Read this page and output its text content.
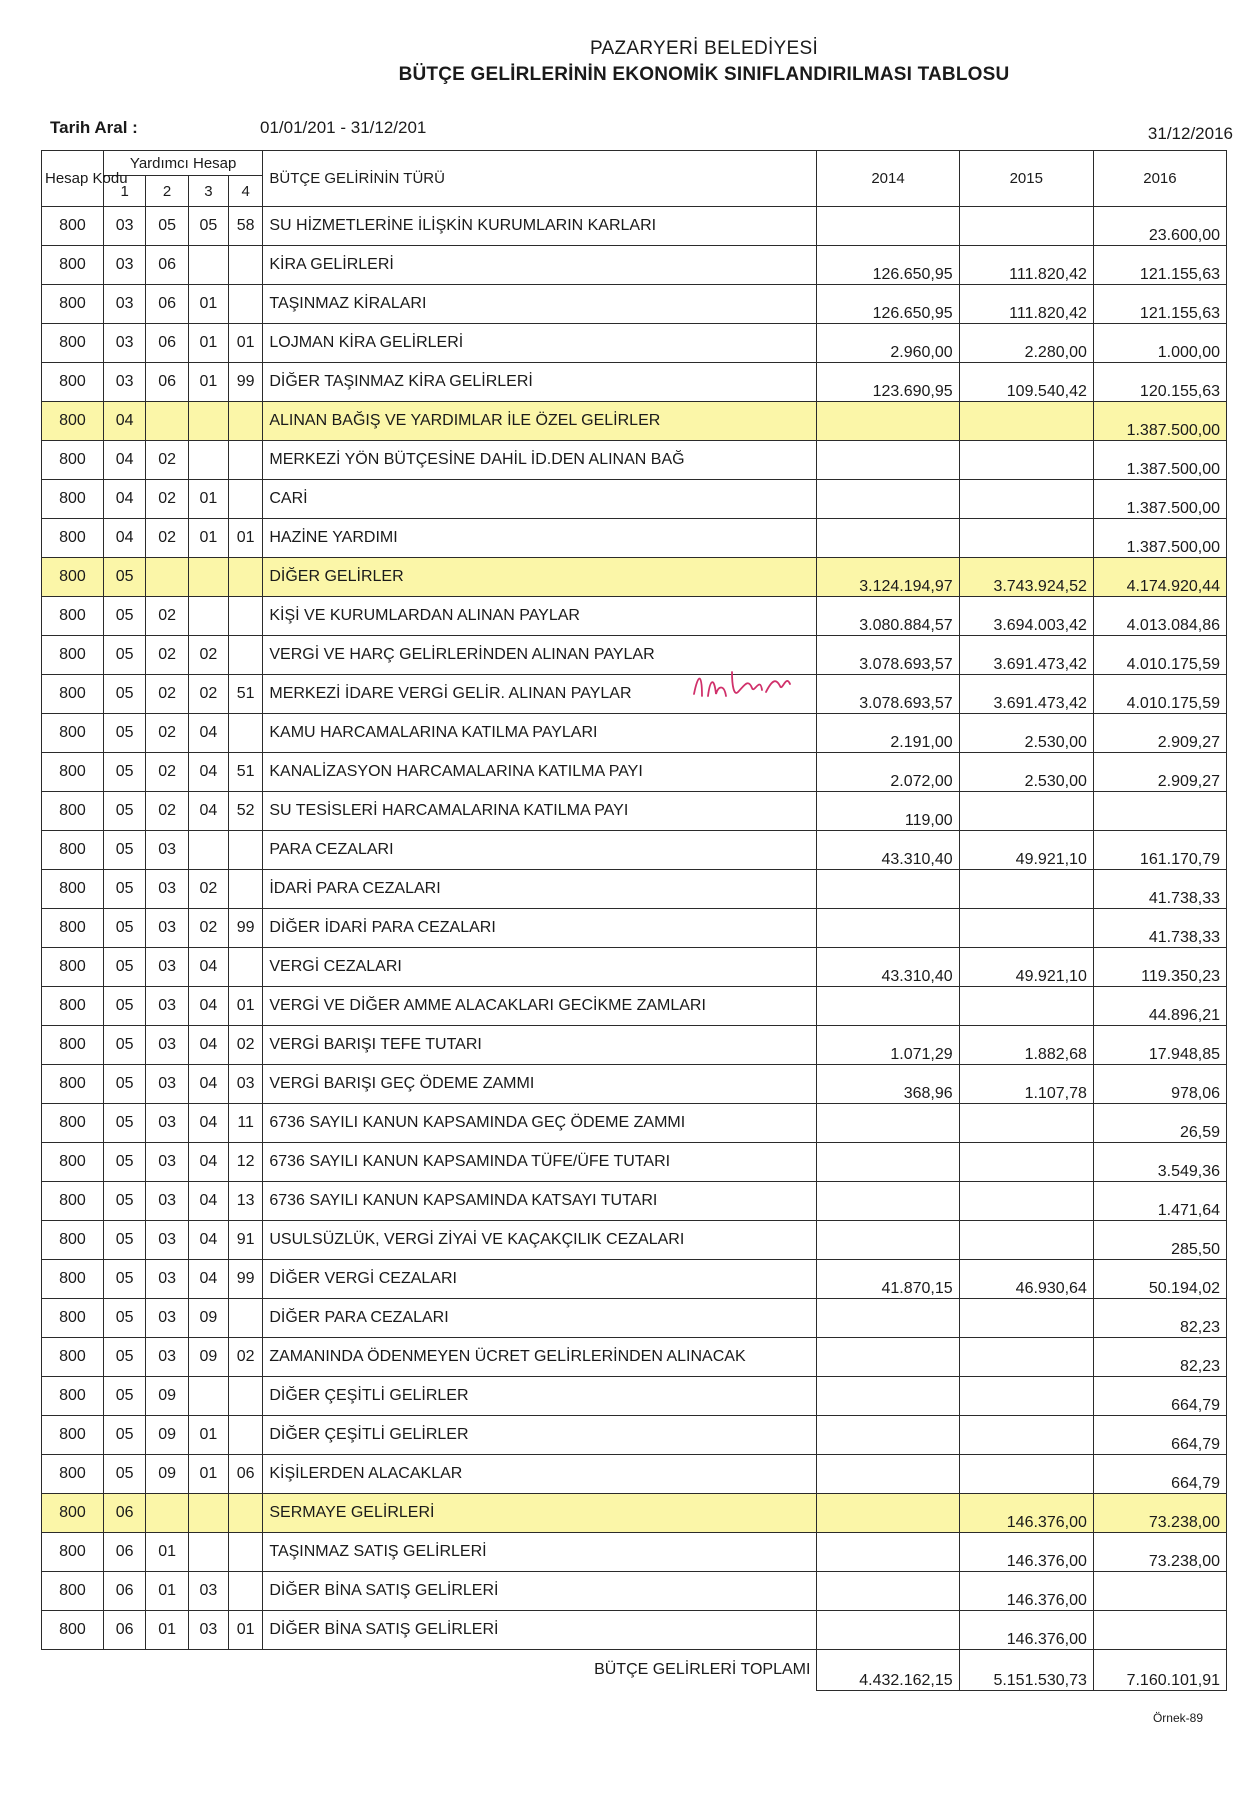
PAZARYERİ BELEDİYESİ
BÜTÇE GELİRLERİNİN EKONOMİK SINIFLANDIRILMASI TABLOSU
Tarih Aral :	01/01/201 - 31/12/201	31/12/2016
Hesap Kodu	Yardımcı Hesap				BÜTÇE GELİRİNİN TÜRÜ	2014	2015	2016
	1	2	3	4				
800	03	05	05	58	SU HİZMETLERİNE İLİŞKİN KURUMLARIN KARLARI			23.600,00
800	03	06			KİRA GELİRLERİ	126.650,95	111.820,42	121.155,63
800	03	06	01		TAŞINMAZ KİRALARI	126.650,95	111.820,42	121.155,63
800	03	06	01	01	LOJMAN KİRA GELİRLERİ	2.960,00	2.280,00	1.000,00
800	03	06	01	99	DİĞER TAŞINMAZ KİRA GELİRLERİ	123.690,95	109.540,42	120.155,63
800	04				ALINAN BAĞIŞ VE YARDIMLAR İLE ÖZEL GELİRLER			1.387.500,00
800	04	02			MERKEZİ YÖN BÜTÇESİNE DAHİL İD.DEN ALINAN BAĞ			1.387.500,00
800	04	02	01		CARİ			1.387.500,00
800	04	02	01	01	HAZİNE YARDIMI			1.387.500,00
800	05				DİĞER GELİRLER	3.124.194,97	3.743.924,52	4.174.920,44
800	05	02			KİŞİ VE KURUMLARDAN ALINAN PAYLAR	3.080.884,57	3.694.003,42	4.013.084,86
800	05	02	02		VERGİ VE HARÇ GELİRLERİNDEN ALINAN PAYLAR	3.078.693,57	3.691.473,42	4.010.175,59
800	05	02	02	51	MERKEZİ İDARE VERGİ GELİR. ALINAN PAYLAR	3.078.693,57	3.691.473,42	4.010.175,59
800	05	02	04		KAMU HARCAMALARINA KATILMA PAYLARI	2.191,00	2.530,00	2.909,27
800	05	02	04	51	KANALİZASYON HARCAMALARINA KATILMA PAYI	2.072,00	2.530,00	2.909,27
800	05	02	04	52	SU TESİSLERİ HARCAMALARINA KATILMA PAYI	119,00		
800	05	03			PARA CEZALARI	43.310,40	49.921,10	161.170,79
800	05	03	02		İDARİ PARA CEZALARI			41.738,33
800	05	03	02	99	DİĞER İDARİ PARA CEZALARI			41.738,33
800	05	03	04		VERGİ CEZALARI	43.310,40	49.921,10	119.350,23
800	05	03	04	01	VERGİ VE DİĞER AMME ALACAKLARI GECİKME ZAMLARI			44.896,21
800	05	03	04	02	VERGİ BARIŞI TEFE TUTARI	1.071,29	1.882,68	17.948,85
800	05	03	04	03	VERGİ BARIŞI GEÇ ÖDEME ZAMMI	368,96	1.107,78	978,06
800	05	03	04	11	6736 SAYILI KANUN KAPSAMINDA GEÇ ÖDEME ZAMMI			26,59
800	05	03	04	12	6736 SAYILI KANUN KAPSAMINDA TÜFE/ÜFE TUTARI			3.549,36
800	05	03	04	13	6736 SAYILI KANUN KAPSAMINDA KATSAYI TUTARI			1.471,64
800	05	03	04	91	USULSÜZLÜK, VERGİ ZİYAİ VE KAÇAKÇILIK CEZALARI			285,50
800	05	03	04	99	DİĞER VERGİ CEZALARI	41.870,15	46.930,64	50.194,02
800	05	03	09		DİĞER PARA CEZALARI			82,23
800	05	03	09	02	ZAMANINDA ÖDENMEYEN ÜCRET GELİRLERİNDEN ALINACAK			82,23
800	05	09			DİĞER ÇEŞİTLİ GELİRLER			664,79
800	05	09	01		DİĞER ÇEŞİTLİ GELİRLER			664,79
800	05	09	01	06	KİŞİLERDEN ALACAKLAR			664,79
800	06				SERMAYE GELİRLERİ		146.376,00	73.238,00
800	06	01			TAŞINMAZ SATIŞ GELİRLERİ		146.376,00	73.238,00
800	06	01	03		DİĞER BİNA SATIŞ GELİRLERİ		146.376,00	
800	06	01	03	01	DİĞER BİNA SATIŞ GELİRLERİ		146.376,00	
					BÜTÇE GELİRLERİ TOPLAMI	4.432.162,15	5.151.530,73	7.160.101,91
Örnek-89
